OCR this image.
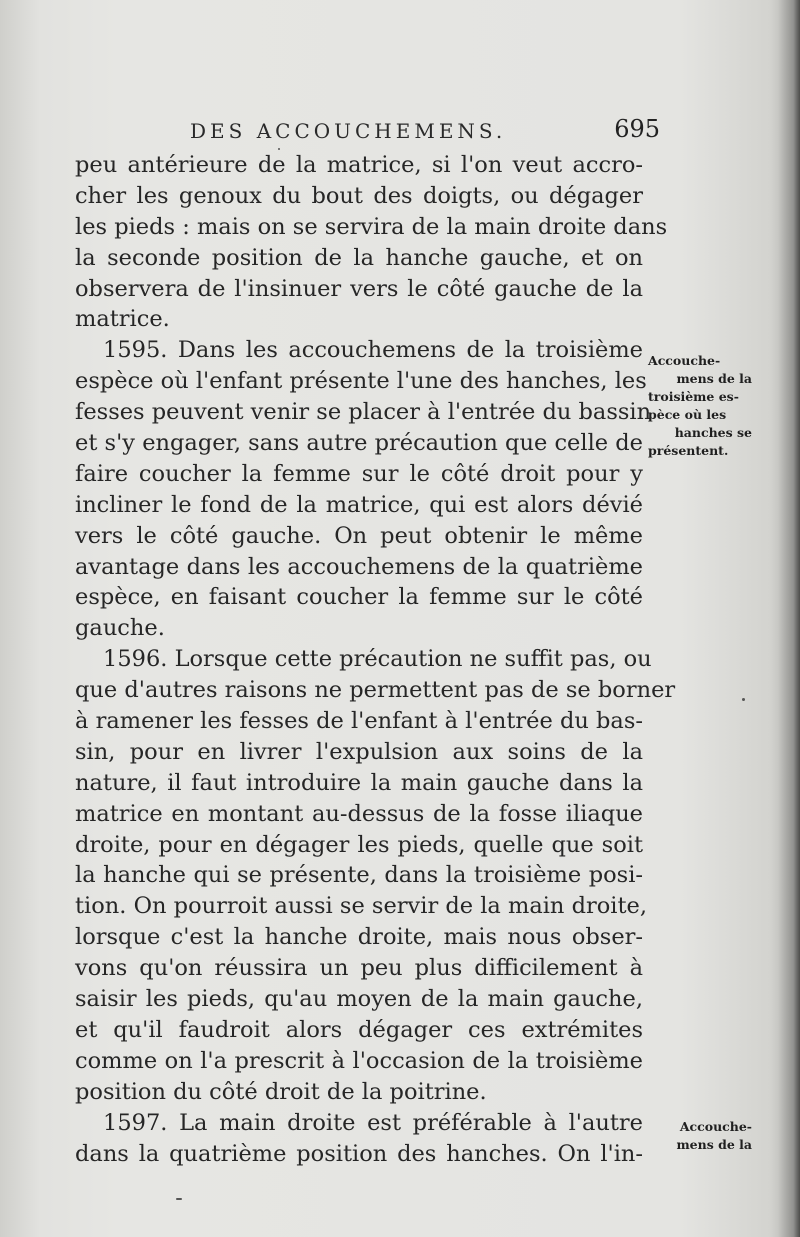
DES ACCOUCHEMENS.	695
peu antérieure de la matrice, si l'on veut accro-
cher les genoux du bout des doigts, ou dégager
les pieds : mais on se servira de la main droite dans
la seconde position de la hanche gauche, et on
observera de l'insinuer vers le côté gauche de la
matrice.
1595. Dans les accouchemens de la troisième
espèce où l'enfant présente l'une des hanches, les
fesses peuvent venir se placer à l'entrée du bassin
et s'y engager, sans autre précaution que celle de
faire coucher la femme sur le côté droit pour y
incliner le fond de la matrice, qui est alors dévié
vers le côté gauche. On peut obtenir le même
avantage dans les accouchemens de la quatrième
espèce, en faisant coucher la femme sur le côté
gauche.
1596. Lorsque cette précaution ne suffit pas, ou
que d'autres raisons ne permettent pas de se borner
à ramener les fesses de l'enfant à l'entrée du bas-
sin, pour en livrer l'expulsion aux soins de la
nature, il faut introduire la main gauche dans la
matrice en montant au-dessus de la fosse iliaque
droite, pour en dégager les pieds, quelle que soit
la hanche qui se présente, dans la troisième posi-
tion. On pourroit aussi se servir de la main droite,
lorsque c'est la hanche droite, mais nous obser-
vons qu'on réussira un peu plus difficilement à
saisir les pieds, qu'au moyen de la main gauche,
et qu'il faudroit alors dégager ces extrémites
comme on l'a prescrit à l'occasion de la troisième
position du côté droit de la poitrine.
1597. La main droite est préférable à l'autre
dans la quatrième position des hanches. On l'in-
Accouche-
mens de la
troisième es-
pèce où les
hanches se
présentent.
Accouche-
mens de la
